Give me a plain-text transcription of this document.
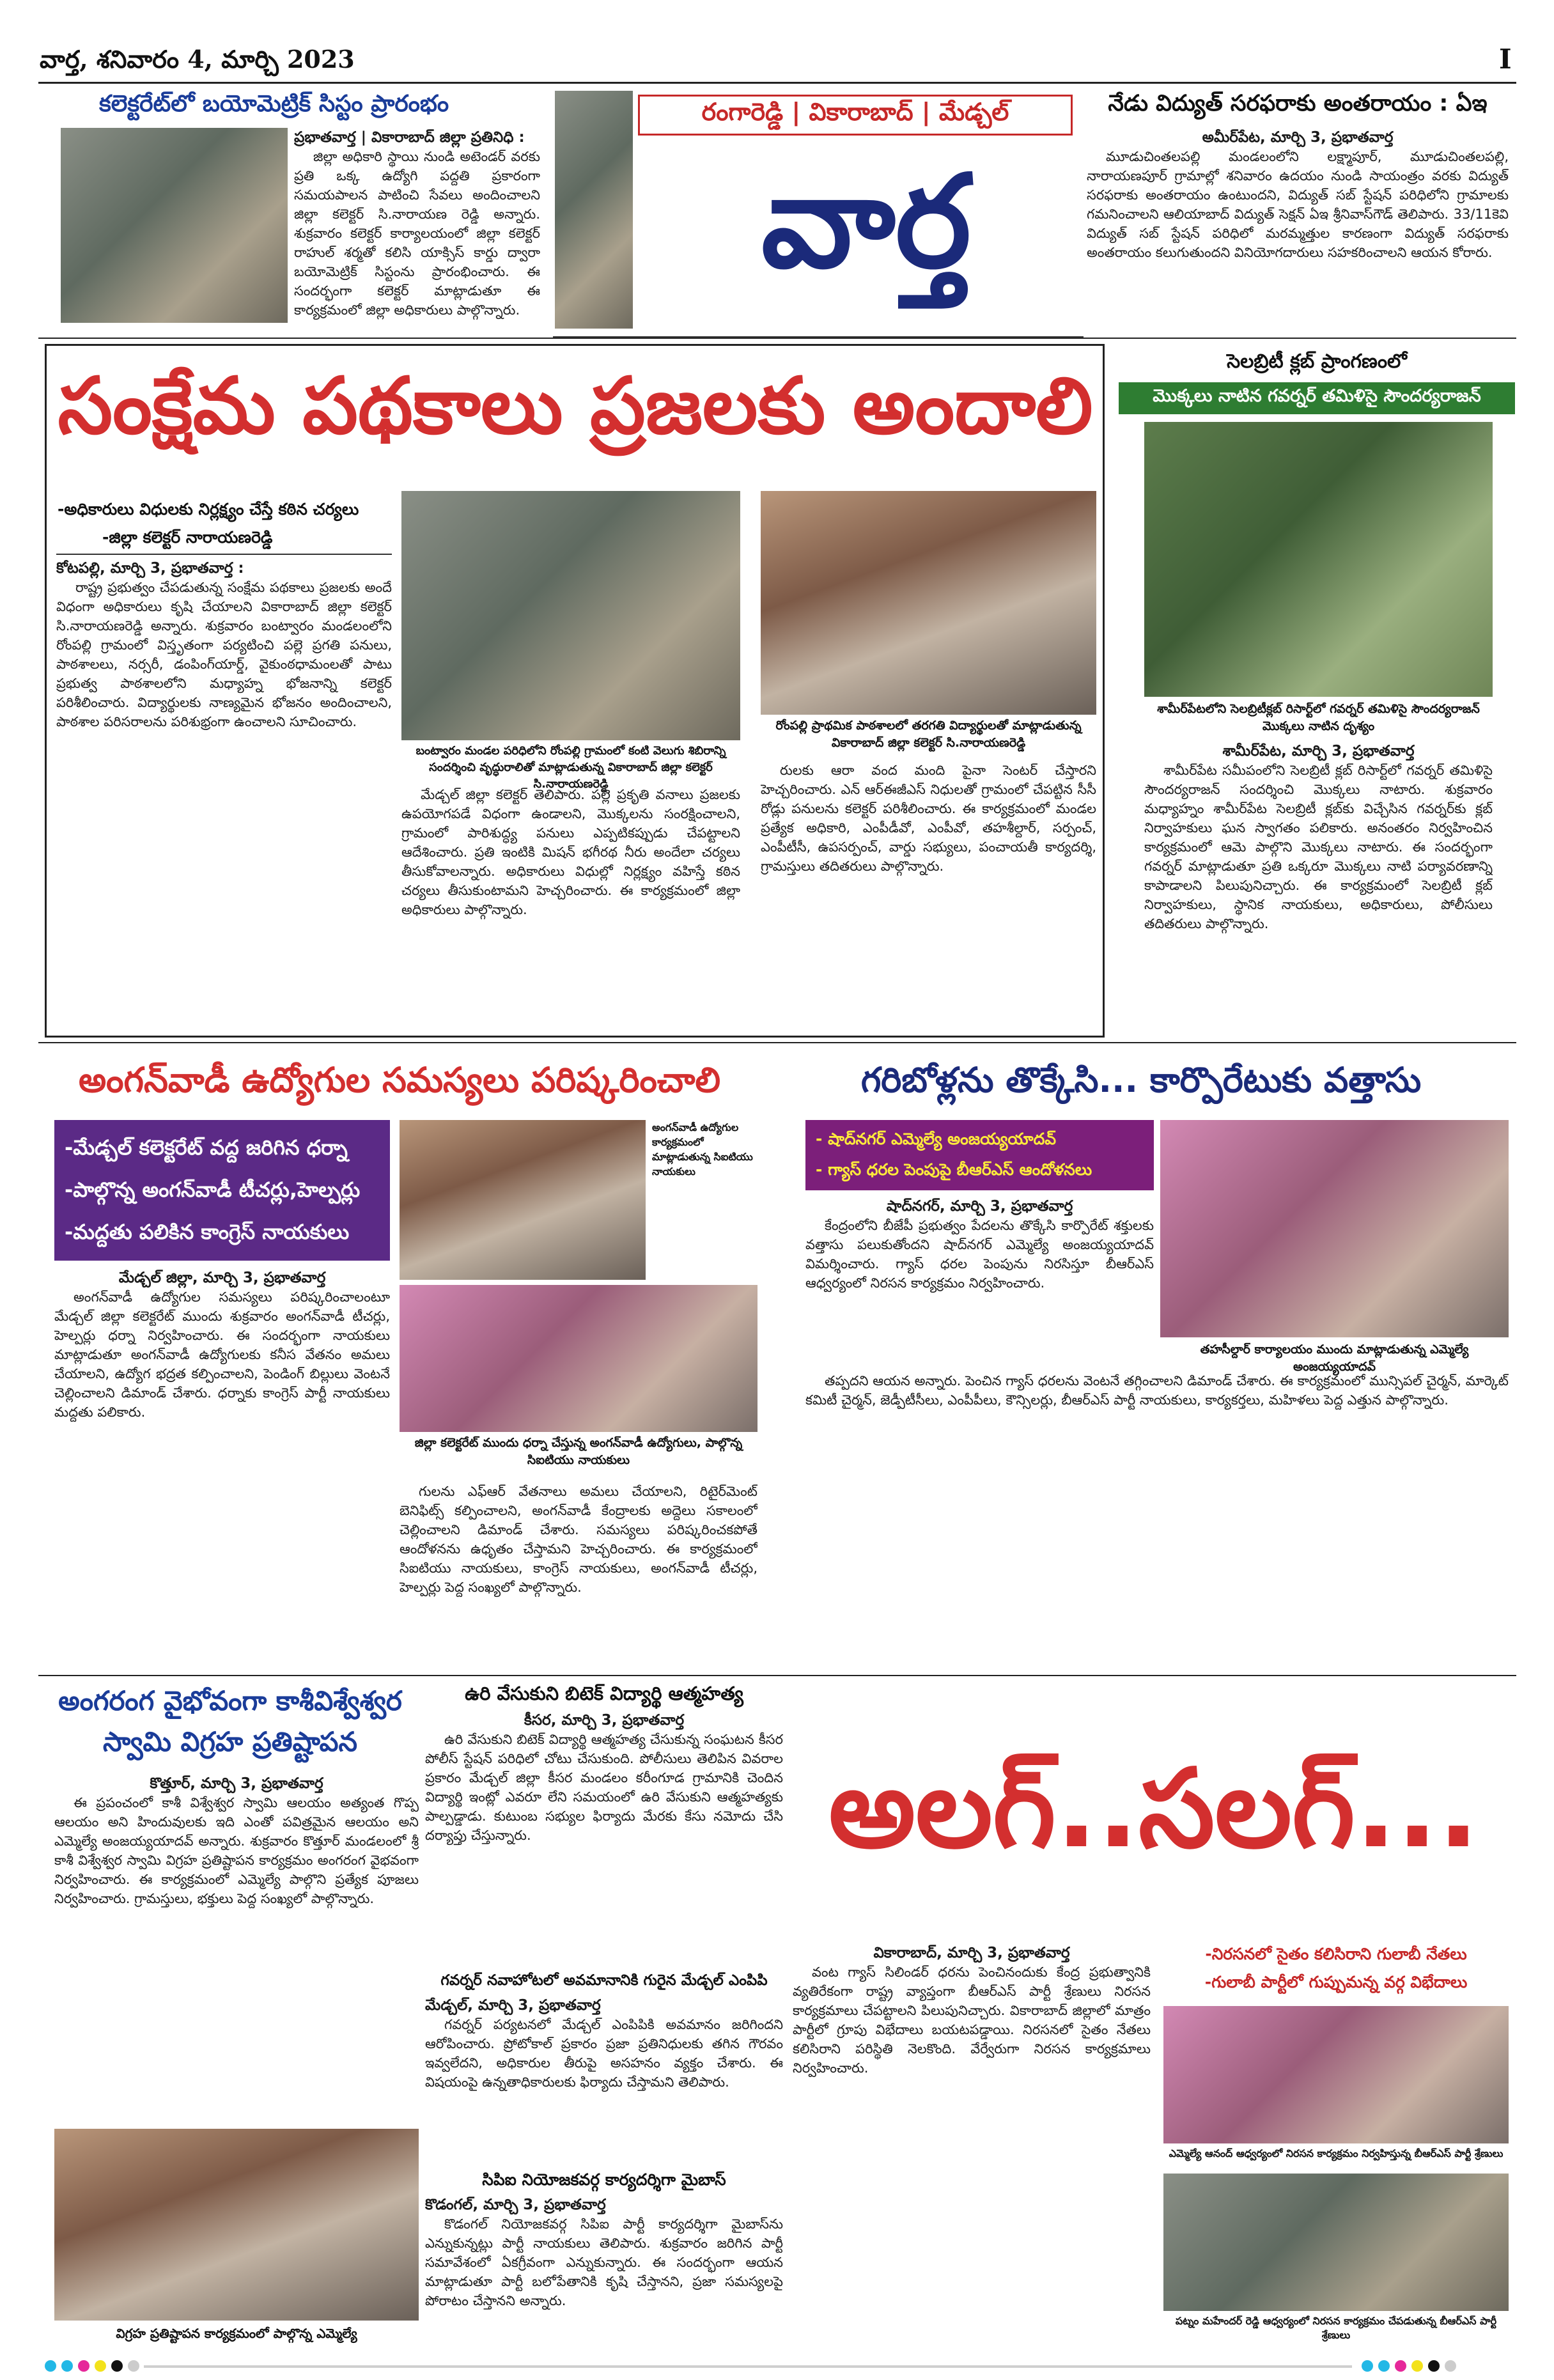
వార్త, శనివారం 4, మార్చి 2023	I
కలెక్టరేట్‌లో బయోమెట్రిక్ సిస్టం ప్రారంభం

ప్రభాతవార్త | వికారాబాద్ జిల్లా ప్రతినిధి :

జిల్లా అధికారి స్థాయి నుండి అటెండర్ వరకు ప్రతి ఒక్క ఉద్యోగి పద్దతి ప్రకారంగా సమయపాలన పాటించి సేవలు అందించాలని జిల్లా కలెక్టర్ సి.నారాయణ రెడ్డి అన్నారు. శుక్రవారం కలెక్టర్ కార్యాలయంలో జిల్లా కలెక్టర్ రాహుల్ శర్మతో కలిసి యాక్సిస్ కార్డు ద్వారా బయోమెట్రిక్ సిస్టంను ప్రారంభించారు. ఈ సందర్భంగా కలెక్టర్ మాట్లాడుతూ ఈ కార్యక్రమంలో జిల్లా అధికారులు పాల్గొన్నారు.

రంగారెడ్డి | వికారాబాద్ | మేడ్చల్
వార్త
నేడు విద్యుత్ సరఫరాకు అంతరాయం : ఏఇ

అమీర్‌పేట, మార్చి 3, ప్రభాతవార్త

మూడుచింతలపల్లి మండలంలోని లక్ష్మాపూర్, మూడుచింతలపల్లి, నారాయణపూర్ గ్రామాల్లో శనివారం ఉదయం నుండి సాయంత్రం వరకు విద్యుత్ సరఫరాకు అంతరాయం ఉంటుందని, విద్యుత్ సబ్ స్టేషన్ పరిధిలోని గ్రామాలకు గమనించాలని ఆలియాబాద్ విద్యుత్ సెక్షన్ ఏఇ శ్రీనివాస్‌గౌడ్ తెలిపారు. 33/11కెవి విద్యుత్ సబ్ స్టేషన్ పరిధిలో మరమ్మత్తుల కారణంగా విద్యుత్ సరఫరాకు అంతరాయం కలుగుతుందని వినియోగదారులు సహకరించాలని ఆయన కోరారు.

సంక్షేమ పథకాలు ప్రజలకు అందాలి
-అధికారులు విధులకు నిర్లక్ష్యం చేస్తే కఠిన చర్యలు
-జిల్లా కలెక్టర్ నారాయణరెడ్డి

కోటపల్లి, మార్చి 3, ప్రభాతవార్త :

రాష్ట్ర ప్రభుత్వం చేపడుతున్న సంక్షేమ పథకాలు ప్రజలకు అందే విధంగా అధికారులు కృషి చేయాలని వికారాబాద్ జిల్లా కలెక్టర్ సి.నారాయణరెడ్డి అన్నారు. శుక్రవారం బంట్వారం మండలంలోని రోంపల్లి గ్రామంలో విస్తృతంగా పర్యటించి పల్లె ప్రగతి పనులు, పాఠశాలలు, నర్సరీ, డంపింగ్‌యార్డ్, వైకుంఠధామంలతో పాటు ప్రభుత్వ పాఠశాలలోని మధ్యాహ్న భోజనాన్ని కలెక్టర్ పరిశీలించారు. విద్యార్థులకు నాణ్యమైన భోజనం అందించాలని, పాఠశాల పరిసరాలను పరిశుభ్రంగా ఉంచాలని సూచించారు.

బంట్వారం మండల పరిధిలోని రోంపల్లి గ్రామంలో కంటి వెలుగు శిబిరాన్ని సందర్శించి వృద్ధురాలితో మాట్లాడుతున్న వికారాబాద్ జిల్లా కలెక్టర్ సి.నారాయణరెడ్డి
రోంపల్లి ప్రాథమిక పాఠశాలలో తరగతి విద్యార్థులతో మాట్లాడుతున్న వికారాబాద్ జిల్లా కలెక్టర్ సి.నారాయణరెడ్డి

మేడ్చల్ జిల్లా కలెక్టర్ తెలిపారు. పల్లె ప్రకృతి వనాలు ప్రజలకు ఉపయోగపడే విధంగా ఉండాలని, మొక్కలను సంరక్షించాలని, గ్రామంలో పారిశుద్ధ్య పనులు ఎప్పటికప్పుడు చేపట్టాలని ఆదేశించారు. ప్రతి ఇంటికి మిషన్ భగీరథ నీరు అందేలా చర్యలు తీసుకోవాలన్నారు. అధికారులు విధుల్లో నిర్లక్ష్యం వహిస్తే కఠిన చర్యలు తీసుకుంటామని హెచ్చరించారు. ఈ కార్యక్రమంలో జిల్లా అధికారులు పాల్గొన్నారు.

రులకు ఆరా వంద మంది పైనా సెంటర్ చేస్తారని హెచ్చరించారు. ఎన్ ఆర్ఈజీఎస్ నిధులతో గ్రామంలో చేపట్టిన సీసీ రోడ్లు పనులను కలెక్టర్ పరిశీలించారు. ఈ కార్యక్రమంలో మండల ప్రత్యేక అధికారి, ఎంపీడీవో, ఎంపీవో, తహశీల్దార్, సర్పంచ్, ఎంపీటీసీ, ఉపసర్పంచ్, వార్డు సభ్యులు, పంచాయతీ కార్యదర్శి, గ్రామస్తులు తదితరులు పాల్గొన్నారు.

సెలబ్రిటీ క్లబ్ ప్రాంగణంలో
మొక్కలు నాటిన గవర్నర్ తమిళిసై సౌందర్యరాజన్
శామీర్‌పేటలోని సెలబ్రిటీక్లబ్ రిసార్ట్‌లో గవర్నర్ తమిళిసై సౌందర్యరాజన్ మొక్కలు నాటిన దృశ్యం

శామీర్‌పేట, మార్చి 3, ప్రభాతవార్త

శామీర్‌పేట సమీపంలోని సెలబ్రిటీ క్లబ్ రిసార్ట్‌లో గవర్నర్ తమిళిసై సౌందర్యరాజన్ సందర్శించి మొక్కలు నాటారు. శుక్రవారం మధ్యాహ్నం శామీర్‌పేట సెలబ్రిటీ క్లబ్‌కు విచ్చేసిన గవర్నర్‌కు క్లబ్ నిర్వాహకులు ఘన స్వాగతం పలికారు. అనంతరం నిర్వహించిన కార్యక్రమంలో ఆమె పాల్గొని మొక్కలు నాటారు. ఈ సందర్భంగా గవర్నర్ మాట్లాడుతూ ప్రతి ఒక్కరూ మొక్కలు నాటి పర్యావరణాన్ని కాపాడాలని పిలుపునిచ్చారు. ఈ కార్యక్రమంలో సెలబ్రిటీ క్లబ్ నిర్వాహకులు, స్థానిక నాయకులు, అధికారులు, పోలీసులు తదితరులు పాల్గొన్నారు.

అంగన్‌వాడీ ఉద్యోగుల సమస్యలు పరిష్కరించాలి
-మేడ్చల్ కలెక్టరేట్ వద్ద జరిగిన ధర్నా
-పాల్గొన్న అంగన్‌వాడీ టీచర్లు,హెల్పర్లు
-మద్దతు పలికిన కాంగ్రెస్ నాయకులు

మేడ్చల్ జిల్లా, మార్చి 3, ప్రభాతవార్త

అంగన్‌వాడీ ఉద్యోగుల సమస్యలు పరిష్కరించాలంటూ మేడ్చల్ జిల్లా కలెక్టరేట్ ముందు శుక్రవారం అంగన్‌వాడీ టీచర్లు, హెల్పర్లు ధర్నా నిర్వహించారు. ఈ సందర్భంగా నాయకులు మాట్లాడుతూ అంగన్‌వాడీ ఉద్యోగులకు కనీస వేతనం అమలు చేయాలని, ఉద్యోగ భద్రత కల్పించాలని, పెండింగ్ బిల్లులు వెంటనే చెల్లించాలని డిమాండ్ చేశారు. ధర్నాకు కాంగ్రెస్ పార్టీ నాయకులు మద్దతు పలికారు.

అంగన్‌వాడీ ఉద్యోగుల కార్యక్రమంలో మాట్లాడుతున్న సిఐటియు నాయకులు
జిల్లా కలెక్టరేట్ ముందు ధర్నా చేస్తున్న అంగన్‌వాడీ ఉద్యోగులు, పాల్గొన్న సిఐటియు నాయకులు

గులను ఎఫ్‌ఆర్ వేతనాలు అమలు చేయాలని, రిటైర్‌మెంట్ బెనిఫిట్స్ కల్పించాలని, అంగన్‌వాడీ కేంద్రాలకు అద్దెలు సకాలంలో చెల్లించాలని డిమాండ్ చేశారు. సమస్యలు పరిష్కరించకపోతే ఆందోళనను ఉధృతం చేస్తామని హెచ్చరించారు. ఈ కార్యక్రమంలో సిఐటియు నాయకులు, కాంగ్రెస్ నాయకులు, అంగన్‌వాడీ టీచర్లు, హెల్పర్లు పెద్ద సంఖ్యలో పాల్గొన్నారు.

గరిబోళ్లను తొక్కేసి... కార్పొరేటుకు వత్తాసు
- షాద్‌నగర్ ఎమ్మెల్యే అంజయ్యయాదవ్
- గ్యాస్ ధరల పెంపుపై బీఆర్‌ఎస్ ఆందోళనలు

షాద్‌నగర్, మార్చి 3, ప్రభాతవార్త

కేంద్రంలోని బీజేపీ ప్రభుత్వం పేదలను తొక్కేసి కార్పొరేట్ శక్తులకు వత్తాసు పలుకుతోందని షాద్‌నగర్ ఎమ్మెల్యే అంజయ్యయాదవ్ విమర్శించారు. గ్యాస్ ధరల పెంపును నిరసిస్తూ బీఆర్‌ఎస్ ఆధ్వర్యంలో నిరసన కార్యక్రమం నిర్వహించారు.

తహసీల్దార్ కార్యాలయం ముందు మాట్లాడుతున్న ఎమ్మెల్యే అంజయ్యయాదవ్

తప్పదని ఆయన అన్నారు. పెంచిన గ్యాస్ ధరలను వెంటనే తగ్గించాలని డిమాండ్ చేశారు. ఈ కార్యక్రమంలో మున్సిపల్ చైర్మన్, మార్కెట్ కమిటీ చైర్మన్, జెడ్పీటీసీలు, ఎంపీపీలు, కౌన్సిలర్లు, బీఆర్‌ఎస్ పార్టీ నాయకులు, కార్యకర్తలు, మహిళలు పెద్ద ఎత్తున పాల్గొన్నారు.

అంగరంగ వైభోవంగా కాశీవిశ్వేశ్వర
స్వామి విగ్రహ ప్రతిష్టాపన

కొత్తూర్, మార్చి 3, ప్రభాతవార్త

ఈ ప్రపంచంలో కాశీ విశ్వేశ్వర స్వామి ఆలయం అత్యంత గొప్ప ఆలయం అని హిందువులకు ఇది ఎంతో పవిత్రమైన ఆలయం అని ఎమ్మెల్యే అంజయ్యయాదవ్ అన్నారు. శుక్రవారం కొత్తూర్ మండలంలో శ్రీ కాశీ విశ్వేశ్వర స్వామి విగ్రహ ప్రతిష్టాపన కార్యక్రమం అంగరంగ వైభవంగా నిర్వహించారు. ఈ కార్యక్రమంలో ఎమ్మెల్యే పాల్గొని ప్రత్యేక పూజలు నిర్వహించారు. గ్రామస్తులు, భక్తులు పెద్ద సంఖ్యలో పాల్గొన్నారు.

విగ్రహ ప్రతిష్టాపన కార్యక్రమంలో పాల్గొన్న ఎమ్మెల్యే
ఉరి వేసుకుని బిటెక్ విద్యార్థి ఆత్మహత్య

కీసర, మార్చి 3, ప్రభాతవార్త

ఉరి వేసుకుని బిటెక్ విద్యార్థి ఆత్మహత్య చేసుకున్న సంఘటన కీసర పోలీస్ స్టేషన్ పరిధిలో చోటు చేసుకుంది. పోలీసులు తెలిపిన వివరాల ప్రకారం మేడ్చల్ జిల్లా కీసర మండలం కరీంగూడ గ్రామానికి చెందిన విద్యార్థి ఇంట్లో ఎవరూ లేని సమయంలో ఉరి వేసుకుని ఆత్మహత్యకు పాల్పడ్డాడు. కుటుంబ సభ్యుల ఫిర్యాదు మేరకు కేసు నమోదు చేసి దర్యాప్తు చేస్తున్నారు.

గవర్నర్ నవాహోటలో అవమానానికి గురైన మేడ్చల్ ఎంపిపి

మేడ్చల్, మార్చి 3, ప్రభాతవార్త

గవర్నర్ పర్యటనలో మేడ్చల్ ఎంపిపికి అవమానం జరిగిందని ఆరోపించారు. ప్రోటోకాల్ ప్రకారం ప్రజా ప్రతినిధులకు తగిన గౌరవం ఇవ్వలేదని, అధికారుల తీరుపై అసహనం వ్యక్తం చేశారు. ఈ విషయంపై ఉన్నతాధికారులకు ఫిర్యాదు చేస్తామని తెలిపారు.

సిపిఐ నియోజకవర్గ కార్యదర్శిగా మైబాస్

కొడంగల్, మార్చి 3, ప్రభాతవార్త

కొడంగల్ నియోజకవర్గ సిపిఐ పార్టీ కార్యదర్శిగా మైబాస్‌ను ఎన్నుకున్నట్లు పార్టీ నాయకులు తెలిపారు. శుక్రవారం జరిగిన పార్టీ సమావేశంలో ఏకగ్రీవంగా ఎన్నుకున్నారు. ఈ సందర్భంగా ఆయన మాట్లాడుతూ పార్టీ బలోపేతానికి కృషి చేస్తానని, ప్రజా సమస్యలపై పోరాటం చేస్తానని అన్నారు.

అలగ్..సలగ్...

వికారాబాద్, మార్చి 3, ప్రభాతవార్త

వంట గ్యాస్ సిలిండర్ ధరను పెంచినందుకు కేంద్ర ప్రభుత్వానికి వ్యతిరేకంగా రాష్ట్ర వ్యాప్తంగా బీఆర్‌ఎస్ పార్టీ శ్రేణులు నిరసన కార్యక్రమాలు చేపట్టాలని పిలుపునిచ్చారు. వికారాబాద్ జిల్లాలో మాత్రం పార్టీలో గ్రూపు విభేదాలు బయటపడ్డాయి. నిరసనలో సైతం నేతలు కలిసిరాని పరిస్థితి నెలకొంది. వేర్వేరుగా నిరసన కార్యక్రమాలు నిర్వహించారు.

-నిరసనలో సైతం కలిసిరాని గులాబీ నేతలు
-గులాబీ పార్టీలో గుప్పుమన్న వర్గ విభేదాలు
ఎమ్మెల్యే ఆనంద్ ఆధ్వర్యంలో నిరసన కార్యక్రమం నిర్వహిస్తున్న బీఆర్‌ఎస్ పార్టీ శ్రేణులు
పట్నం మహేందర్ రెడ్డి ఆధ్వర్యంలో నిరసన కార్యక్రమం చేపడుతున్న బీఆర్‌ఎస్ పార్టీ శ్రేణులు
